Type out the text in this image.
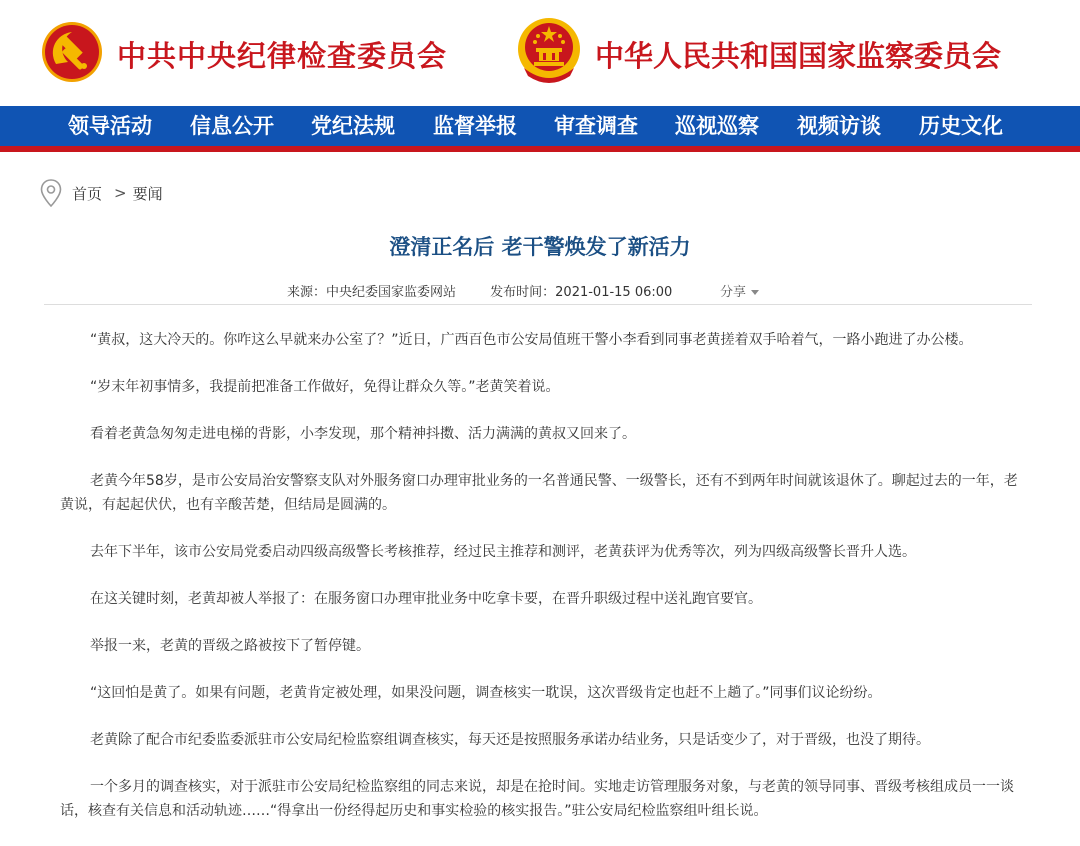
中共中央纪律检查委员会	中华人民共和国国家监察委员会
领导活动 信息公开 党纪法规 监督举报 审查调查 巡视巡察 视频访谈 历史文化
首页 > 要闻
澄清正名后 老干警焕发了新活力
来源：中央纪委国家监委网站	发布时间：2021-01-15 06:00	分享

“黄叔，这大冷天的。你咋这么早就来办公室了？”近日，广西百色市公安局值班干警小李看到同事老黄搓着双手哈着气，一路小跑进了办公楼。

“岁末年初事情多，我提前把准备工作做好，免得让群众久等。”老黄笑着说。

看着老黄急匆匆走进电梯的背影，小李发现，那个精神抖擞、活力满满的黄叔又回来了。

老黄今年58岁，是市公安局治安警察支队对外服务窗口办理审批业务的一名普通民警、一级警长，还有不到两年时间就该退休了。聊起过去的一年，老黄说，有起起伏伏，也有辛酸苦楚，但结局是圆满的。

去年下半年，该市公安局党委启动四级高级警长考核推荐，经过民主推荐和测评，老黄获评为优秀等次，列为四级高级警长晋升人选。

在这关键时刻，老黄却被人举报了：在服务窗口办理审批业务中吃拿卡要，在晋升职级过程中送礼跑官要官。

举报一来，老黄的晋级之路被按下了暂停键。

“这回怕是黄了。如果有问题，老黄肯定被处理，如果没问题，调查核实一耽误，这次晋级肯定也赶不上趟了。”同事们议论纷纷。

老黄除了配合市纪委监委派驻市公安局纪检监察组调查核实，每天还是按照服务承诺办结业务，只是话变少了，对于晋级，也没了期待。

一个多月的调查核实，对于派驻市公安局纪检监察组的同志来说，却是在抢时间。实地走访管理服务对象，与老黄的领导同事、晋级考核组成员一一谈话，核查有关信息和活动轨迹……“得拿出一份经得起历史和事实检验的核实报告。”驻公安局纪检监察组叶组长说。
